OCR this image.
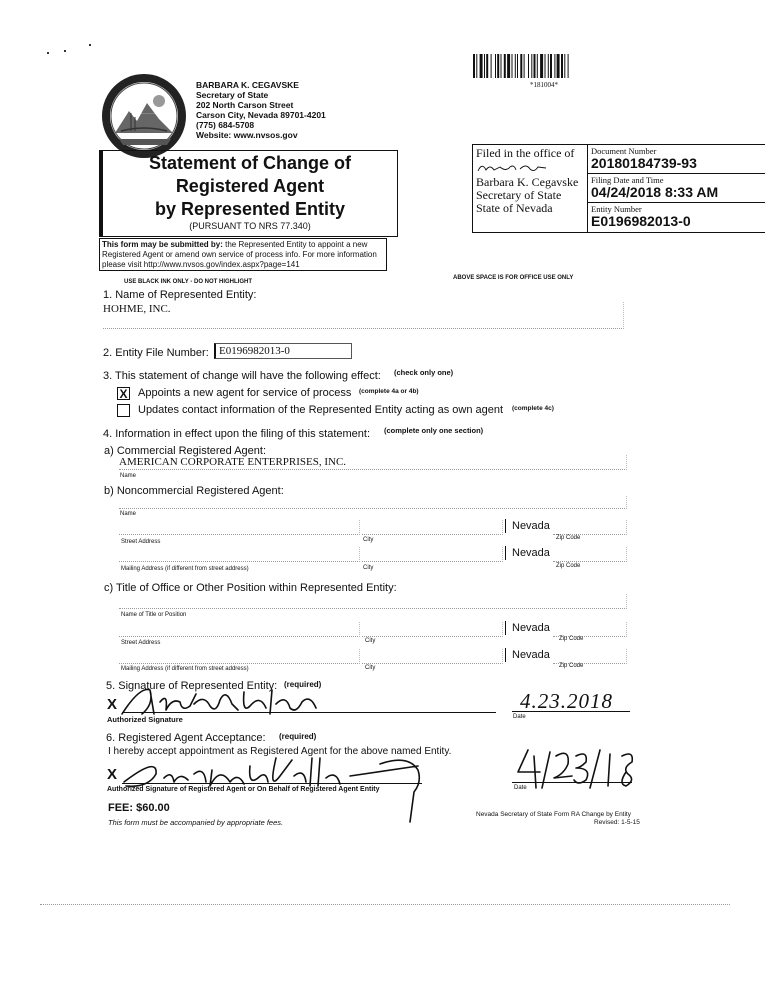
*181004*
THE GREAT SEAL OF THE STATE OF NEVADA
BARBARA K. CEGAVSKE
Secretary of State
202 North Carson Street
Carson City, Nevada 89701-4201
(775) 684-5708
Website: www.nvsos.gov
Statement of Change of
Registered Agent
by Represented Entity
(PURSUANT TO NRS 77.340)
Filed in the office of
Barbara K. Cegavske
Secretary of State
State of Nevada
Document Number
20180184739-93
Filing Date and Time
04/24/2018 8:33 AM
Entity Number
E0196982013-0
This form may be submitted by: the Represented Entity to appoint a new Registered Agent or amend own service of process info. For more information please visit http://www.nvsos.gov/index.aspx?page=141
USE BLACK INK ONLY - DO NOT HIGHLIGHT
ABOVE SPACE IS FOR OFFICE USE ONLY
1. Name of Represented Entity:
HOHME, INC.
2. Entity File Number: E0196982013-0
3. This statement of change will have the following effect: (check only one)
X Appoints a new agent for service of process (complete 4a or 4b)
Updates contact information of the Represented Entity acting as own agent (complete 4c)
4. Information in effect upon the filing of this statement: (complete only one section)
a) Commercial Registered Agent:
AMERICAN CORPORATE ENTERPRISES, INC.
Name
b) Noncommercial Registered Agent:
Name
Nevada
Street Address	City	Zip Code
Nevada
Mailing Address (if different from street address)	City	Zip Code
c) Title of Office or Other Position within Represented Entity:
Name of Title or Position
Nevada
Street Address	City	Zip Code
Nevada
Mailing Address (if different from street address)	City	Zip Code
5. Signature of Represented Entity: (required)
X
Authorized Signature
4.23.2018
Date
6. Registered Agent Acceptance: (required)
I hereby accept appointment as Registered Agent for the above named Entity.
X
Authorized Signature of Registered Agent or On Behalf of Registered Agent Entity	Date
FEE: $60.00
This form must be accompanied by appropriate fees.
Nevada Secretary of State Form RA Change by Entity
Revised: 1-5-15
